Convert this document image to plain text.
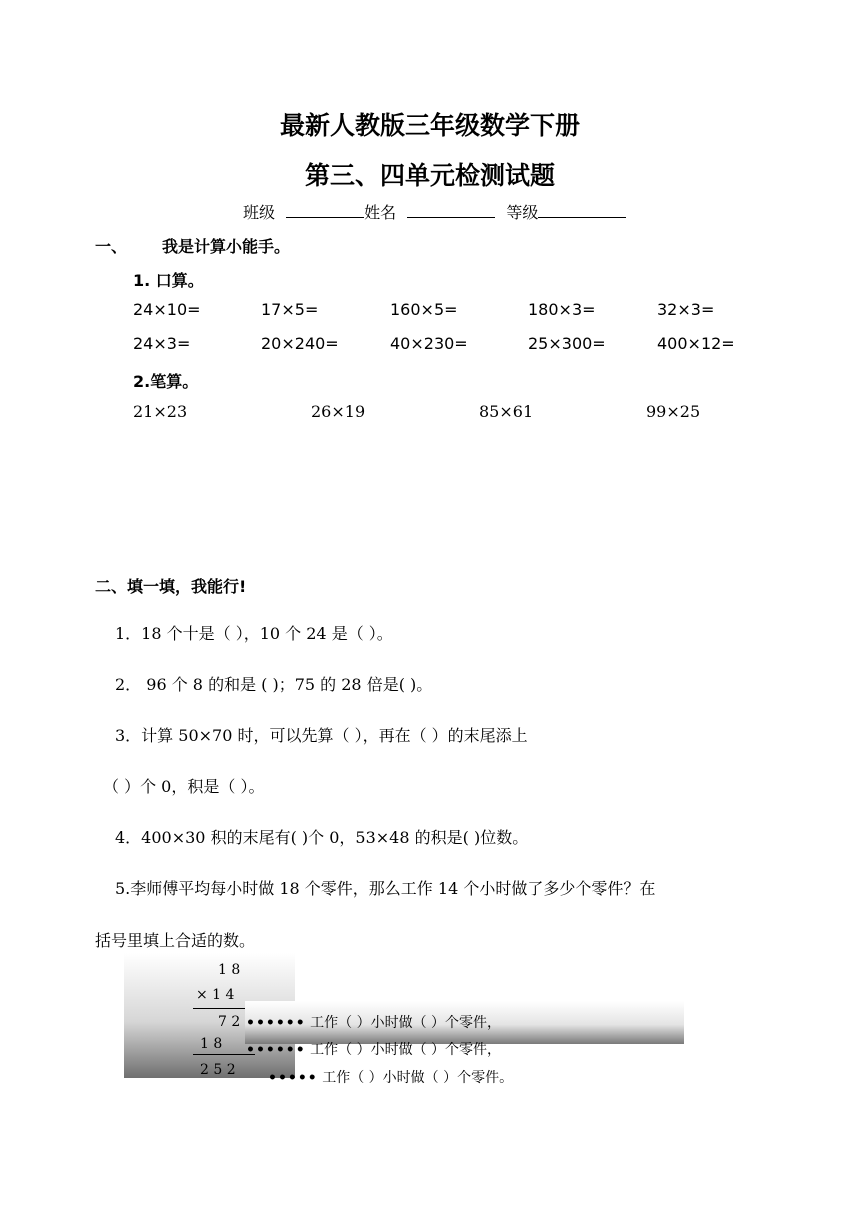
最新人教版三年级数学下册
第三、四单元检测试题
班级	姓名	等级
一、 我是计算小能手。
1. 口算。
24×10=	17×5=	160×5=	180×3=	32×3=
24×3=	20×240=	40×230=	25×300=	400×12=
2.笔算。
21×23	26×19	85×61	99×25
二、填一填，我能行!
1．18 个十是（ ），10 个 24 是（ ）。
2． 96 个 8 的和是 ( )；75 的 28 倍是( )。
3．计算 50×70 时，可以先算（ ），再在（ ）的末尾添上
（ ）个 0，积是（ ）。
4．400×30 积的末尾有( )个 0，53×48 的积是( )位数。
5.李师傅平均每小时做 18 个零件，那么工作 14 个小时做了多少个零件？在
括号里填上合适的数。
1 8
× 1 4
7 2
1 8
2 5 2
•••••• 工作（ ）小时做（ ）个零件，
•••••• 工作（ ）小时做（ ）个零件，
••••• 工作（ ）小时做（ ）个零件。
